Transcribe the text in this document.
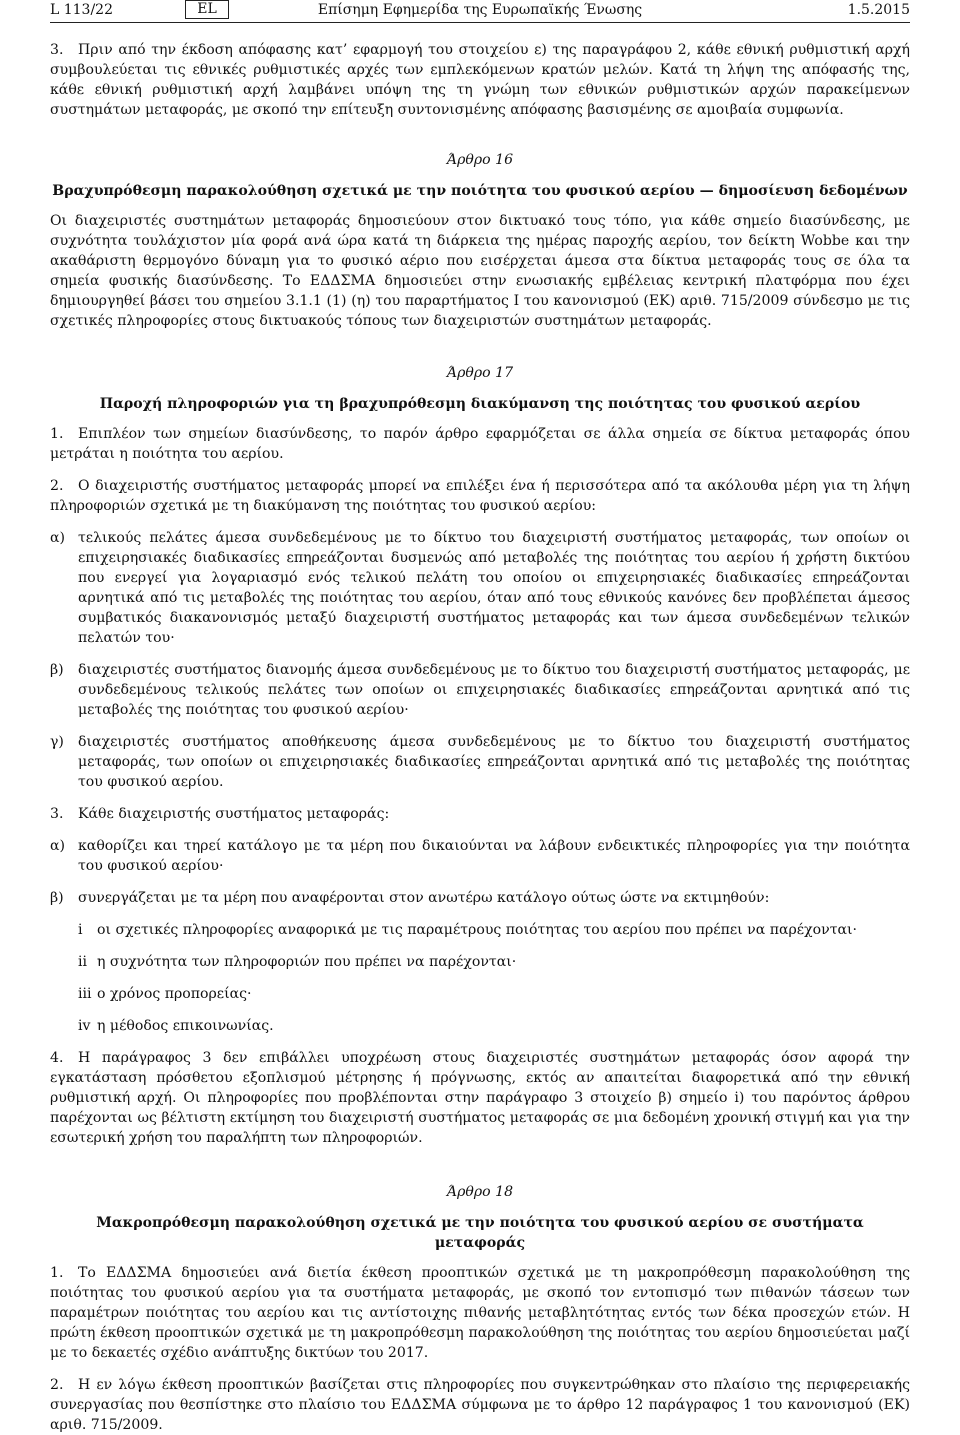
L 113/22	EL	Επίσημη Εφημερίδα της Ευρωπαϊκής Ένωσης	1.5.2015

3. Πριν από την έκδοση απόφασης κατ’ εφαρμογή του στοιχείου ε) της παραγράφου 2, κάθε εθνική ρυθμιστική αρχή συμβουλεύεται τις εθνικές ρυθμιστικές αρχές των εμπλεκόμενων κρατών μελών. Κατά τη λήψη της απόφασής της, κάθε εθνική ρυθμιστική αρχή λαμβάνει υπόψη της τη γνώμη των εθνικών ρυθμιστικών αρχών παρακείμενων συστημάτων μεταφοράς, με σκοπό την επίτευξη συντονισμένης απόφασης βασισμένης σε αμοιβαία συμφωνία.

Άρθρο 16

Βραχυπρόθεσμη παρακολούθηση σχετικά με την ποιότητα του φυσικού αερίου — δημοσίευση δεδομένων

Οι διαχειριστές συστημάτων μεταφοράς δημοσιεύουν στον δικτυακό τους τόπο, για κάθε σημείο διασύνδεσης, με συχνότητα τουλάχιστον μία φορά ανά ώρα κατά τη διάρκεια της ημέρας παροχής αερίου, τον δείκτη Wobbe και την ακαθάριστη θερμογόνο δύναμη για το φυσικό αέριο που εισέρχεται άμεσα στα δίκτυα μεταφοράς τους σε όλα τα σημεία φυσικής διασύνδεσης. Το ΕΔΔΣΜΑ δημοσιεύει στην ενωσιακής εμβέλειας κεντρική πλατφόρμα που έχει δημιουργηθεί βάσει του σημείου 3.1.1 (1) (η) του παραρτήματος I του κανονισμού (ΕΚ) αριθ. 715/2009 σύνδεσμο με τις σχετικές πληροφορίες στους δικτυακούς τόπους των διαχειριστών συστημάτων μεταφοράς.

Άρθρο 17

Παροχή πληροφοριών για τη βραχυπρόθεσμη διακύμανση της ποιότητας του φυσικού αερίου

1. Επιπλέον των σημείων διασύνδεσης, το παρόν άρθρο εφαρμόζεται σε άλλα σημεία σε δίκτυα μεταφοράς όπου μετράται η ποιότητα του αερίου.

2. Ο διαχειριστής συστήματος μεταφοράς μπορεί να επιλέξει ένα ή περισσότερα από τα ακόλουθα μέρη για τη λήψη πληροφοριών σχετικά με τη διακύμανση της ποιότητας του φυσικού αερίου:

α) τελικούς πελάτες άμεσα συνδεδεμένους με το δίκτυο του διαχειριστή συστήματος μεταφοράς, των οποίων οι επιχειρησιακές διαδικασίες επηρεάζονται δυσμενώς από μεταβολές της ποιότητας του αερίου ή χρήστη δικτύου που ενεργεί για λογαριασμό ενός τελικού πελάτη του οποίου οι επιχειρησιακές διαδικασίες επηρεάζονται αρνητικά από τις μεταβολές της ποιότητας του αερίου, όταν από τους εθνικούς κανόνες δεν προβλέπεται άμεσος συμβατικός διακανονισμός μεταξύ διαχειριστή συστήματος μεταφοράς και των άμεσα συνδεδεμένων τελικών πελατών του·
β)	διαχειριστές συστήματος διανομής άμεσα συνδεδεμένους με το δίκτυο του διαχειριστή συστήματος μεταφοράς, με συνδεδεμένους τελικούς πελάτες των οποίων οι επιχειρησιακές διαδικασίες επηρεάζονται αρνητικά από τις μεταβολές της ποιότητας του φυσικού αερίου·
γ) διαχειριστές συστήματος αποθήκευσης άμεσα συνδεδεμένους με το δίκτυο του διαχειριστή συστήματος μεταφοράς, των οποίων οι επιχειρησιακές διαδικασίες επηρεάζονται αρνητικά από τις μεταβολές της ποιότητας του φυσικού αερίου.

3. Κάθε διαχειριστής συστήματος μεταφοράς:

α) καθορίζει και τηρεί κατάλογο με τα μέρη που δικαιούνται να λάβουν ενδεικτικές πληροφορίες για την ποιότητα του φυσικού αερίου·
β)	συνεργάζεται με τα μέρη που αναφέρονται στον ανωτέρω κατάλογο ούτως ώστε να εκτιμηθούν:
i	οι σχετικές πληροφορίες αναφορικά με τις παραμέτρους ποιότητας του αερίου που πρέπει να παρέχονται·
ii η συχνότητα των πληροφοριών που πρέπει να παρέχονται·
iii ο χρόνος προπορείας·
iv η μέθοδος επικοινωνίας.

4. Η παράγραφος 3 δεν επιβάλλει υποχρέωση στους διαχειριστές συστημάτων μεταφοράς όσον αφορά την εγκατάσταση πρόσθετου εξοπλισμού μέτρησης ή πρόγνωσης, εκτός αν απαιτείται διαφορετικά από την εθνική ρυθμιστική αρχή. Οι πληροφορίες που προβλέπονται στην παράγραφο 3 στοιχείο β) σημείο i) του παρόντος άρθρου παρέχονται ως βέλτιστη εκτίμηση του διαχειριστή συστήματος μεταφοράς σε μια δεδομένη χρονική στιγμή και για την εσωτερική χρήση του παραλήπτη των πληροφοριών.

Άρθρο 18

Μακροπρόθεσμη παρακολούθηση σχετικά με την ποιότητα του φυσικού αερίου σε συστήματα μεταφοράς

1. Το ΕΔΔΣΜΑ δημοσιεύει ανά διετία έκθεση προοπτικών σχετικά με τη μακροπρόθεσμη παρακολούθηση της ποιότητας του φυσικού αερίου για τα συστήματα μεταφοράς, με σκοπό τον εντοπισμό των πιθανών τάσεων των παραμέτρων ποιότητας του αερίου και τις αντίστοιχης πιθανής μεταβλητότητας εντός των δέκα προσεχών ετών. Η πρώτη έκθεση προοπτικών σχετικά με τη μακροπρόθεσμη παρακολούθηση της ποιότητας του αερίου δημοσιεύεται μαζί με το δεκαετές σχέδιο ανάπτυξης δικτύων του 2017.

2. Η εν λόγω έκθεση προοπτικών βασίζεται στις πληροφορίες που συγκεντρώθηκαν στο πλαίσιο της περιφερειακής συνεργασίας που θεσπίστηκε στο πλαίσιο του ΕΔΔΣΜΑ σύμφωνα με το άρθρο 12 παράγραφος 1 του κανονισμού (ΕΚ) αριθ. 715/2009.
